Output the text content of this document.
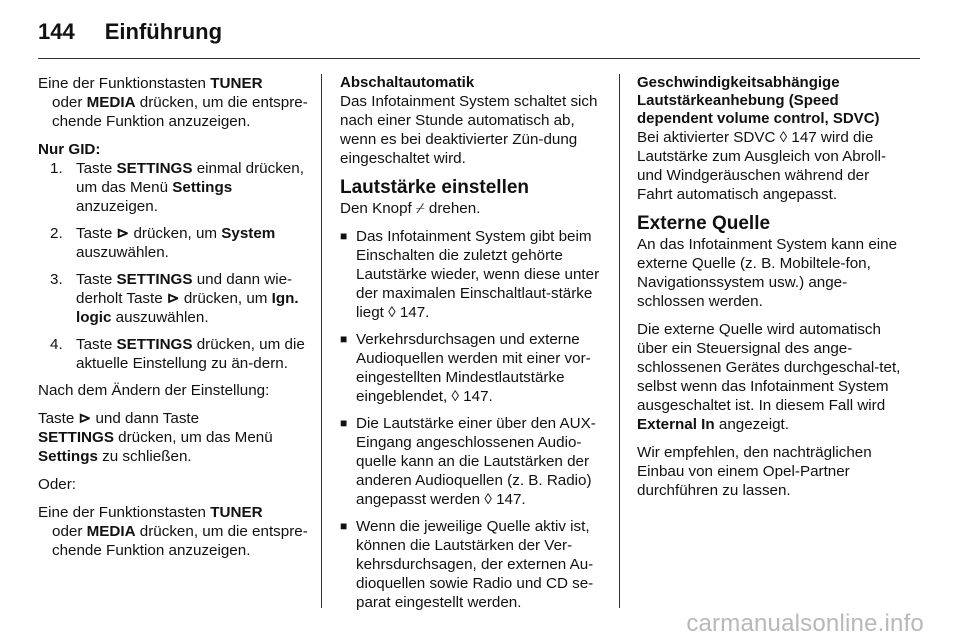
144 Einführung

Eine der Funktionstasten TUNER
oder MEDIA drücken, um die entspre-chende Funktion anzuzeigen.

Nur GID:

1. Taste SETTINGS einmal drücken, um das Menü Settings anzuzeigen.
2. Taste ⊳ drücken, um System auszuwählen.
3. Taste SETTINGS und dann wie-derholt Taste ⊳ drücken, um Ign. logic auszuwählen.
4. Taste SETTINGS drücken, um die aktuelle Einstellung zu än-dern.

Nach dem Ändern der Einstellung:

Taste ⊳ und dann Taste
SETTINGS drücken, um das Menü
Settings zu schließen.

Oder:

Eine der Funktionstasten TUNER
oder MEDIA drücken, um die entspre-chende Funktion anzuzeigen.

Abschaltautomatik

Das Infotainment System schaltet sich nach einer Stunde automatisch ab, wenn es bei deaktivierter Zün-dung eingeschaltet wird.

Lautstärke einstellen

Den Knopf ⌿ drehen.

■ Das Infotainment System gibt beim Einschalten die zuletzt gehörte Lautstärke wieder, wenn diese unter der maximalen Einschaltlaut-stärke liegt ◊ 147.
■ Verkehrsdurchsagen und externe Audioquellen werden mit einer vor-eingestellten Mindestlautstärke eingeblendet, ◊ 147.
■ Die Lautstärke einer über den AUX-Eingang angeschlossenen Audio-quelle kann an die Lautstärken der anderen Audioquellen (z. B. Radio) angepasst werden ◊ 147.
■ Wenn die jeweilige Quelle aktiv ist, können die Lautstärken der Ver-kehrsdurchsagen, der externen Au-dioquellen sowie Radio und CD se-parat eingestellt werden.
Geschwindigkeitsabhängige Lautstärkeanhebung (Speed dependent volume control, SDVC)

Bei aktivierter SDVC ◊ 147 wird die Lautstärke zum Ausgleich von Abroll- und Windgeräuschen während der Fahrt automatisch angepasst.

Externe Quelle

An das Infotainment System kann eine externe Quelle (z. B. Mobiltele-fon, Navigationssystem usw.) ange-schlossen werden.

Die externe Quelle wird automatisch über ein Steuersignal des ange-schlossenen Gerätes durchgeschal-tet, selbst wenn das Infotainment System ausgeschaltet ist. In diesem Fall wird External In angezeigt.

Wir empfehlen, den nachträglichen Einbau von einem Opel-Partner durchführen zu lassen.

carmanualsonline.info
